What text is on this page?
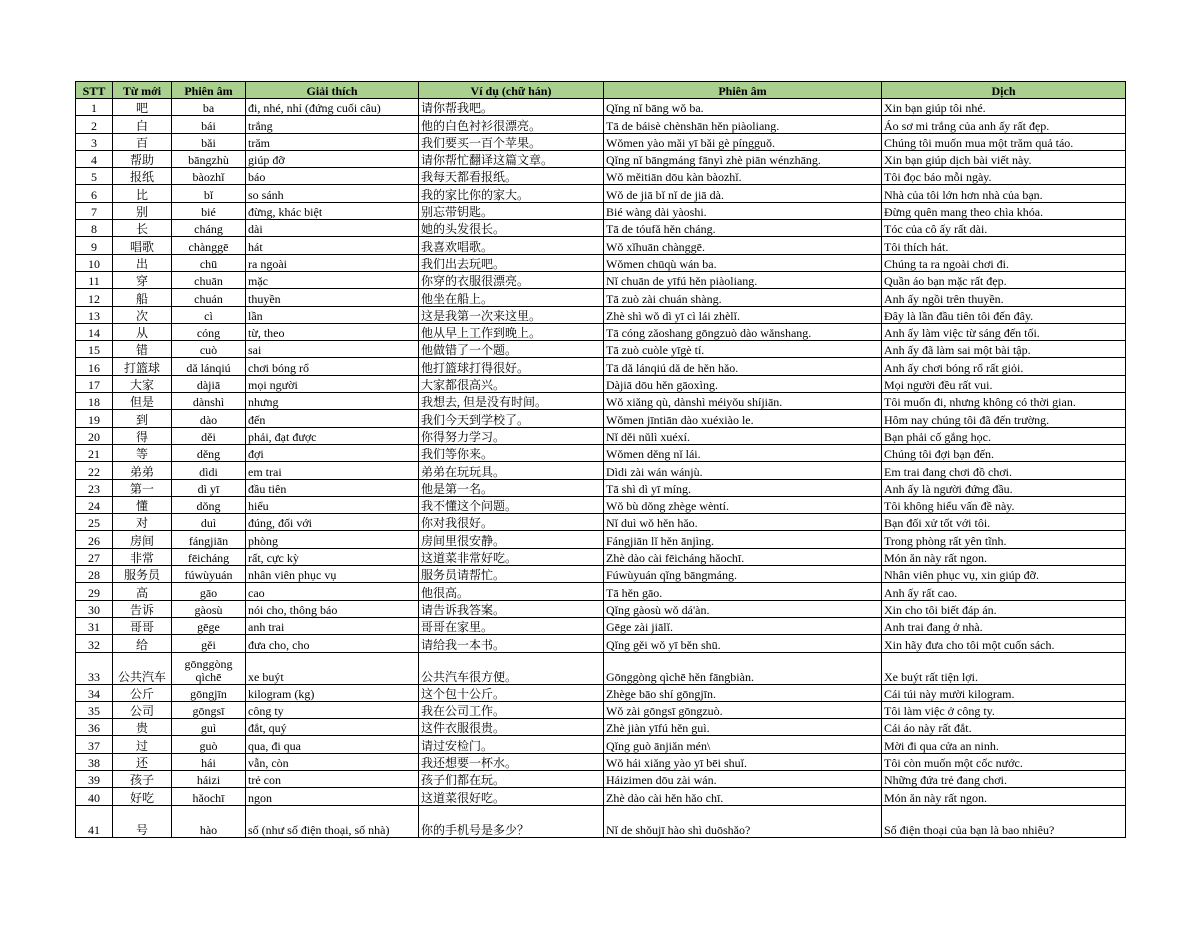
STT	Từ mới	Phiên âm	Giải thích	Ví dụ (chữ hán)	Phiên âm	Dịch
1	吧	ba	đi, nhé, nhỉ (đứng cuối câu)	请你帮我吧。	Qǐng nǐ bāng wǒ ba.	Xin bạn giúp tôi nhé.
2	白	bái	trắng	他的白色衬衫很漂亮。	Tā de báisè chènshān hěn piàoliang.	Áo sơ mi trắng của anh ấy rất đẹp.
3	百	bǎi	trăm	我们要买一百个苹果。	Wǒmen yào mǎi yī bǎi gè píngguǒ.	Chúng tôi muốn mua một trăm quả táo.
4	帮助	bāngzhù	giúp đỡ	请你帮忙翻译这篇文章。	Qǐng nǐ bāngmáng fānyì zhè piān wénzhāng.	Xin bạn giúp dịch bài viết này.
5	报纸	bàozhǐ	báo	我每天都看报纸。	Wǒ měitiān dōu kàn bàozhǐ.	Tôi đọc báo mỗi ngày.
6	比	bǐ	so sánh	我的家比你的家大。	Wǒ de jiā bǐ nǐ de jiā dà.	Nhà của tôi lớn hơn nhà của bạn.
7	别	bié	đừng, khác biệt	别忘带钥匙。	Bié wàng dài yàoshi.	Đừng quên mang theo chìa khóa.
8	长	cháng	dài	她的头发很长。	Tā de tóufǎ hěn cháng.	Tóc của cô ấy rất dài.
9	唱歌	chànggē	hát	我喜欢唱歌。	Wǒ xǐhuān chànggē.	Tôi thích hát.
10	出	chū	ra ngoài	我们出去玩吧。	Wǒmen chūqù wán ba.	Chúng ta ra ngoài chơi đi.
11	穿	chuān	mặc	你穿的衣服很漂亮。	Nǐ chuān de yīfú hěn piàoliang.	Quần áo bạn mặc rất đẹp.
12	船	chuán	thuyền	他坐在船上。	Tā zuò zài chuán shàng.	Anh ấy ngồi trên thuyền.
13	次	cì	lần	这是我第一次来这里。	Zhè shì wǒ dì yī cì lái zhèlǐ.	Đây là lần đầu tiên tôi đến đây.
14	从	cóng	từ, theo	他从早上工作到晚上。	Tā cóng zǎoshang gōngzuò dào wǎnshang.	Anh ấy làm việc từ sáng đến tối.
15	错	cuò	sai	他做错了一个题。	Tā zuò cuòle yīgè tí.	Anh ấy đã làm sai một bài tập.
16	打篮球	dǎ lánqiú	chơi bóng rổ	他打篮球打得很好。	Tā dǎ lánqiú dǎ de hěn hǎo.	Anh ấy chơi bóng rổ rất giỏi.
17	大家	dàjiā	mọi người	大家都很高兴。	Dàjiā dōu hěn gāoxìng.	Mọi người đều rất vui.
18	但是	dànshì	nhưng	我想去, 但是没有时间。	Wǒ xiǎng qù, dànshì méiyǒu shíjiān.	Tôi muốn đi, nhưng không có thời gian.
19	到	dào	đến	我们今天到学校了。	Wǒmen jīntiān dào xuéxiào le.	Hôm nay chúng tôi đã đến trường.
20	得	děi	phải, đạt được	你得努力学习。	Nǐ děi nǔlì xuéxí.	Bạn phải cố gắng học.
21	等	děng	đợi	我们等你来。	Wǒmen děng nǐ lái.	Chúng tôi đợi bạn đến.
22	弟弟	dìdi	em trai	弟弟在玩玩具。	Dìdi zài wán wánjù.	Em trai đang chơi đồ chơi.
23	第一	dì yī	đầu tiên	他是第一名。	Tā shì dì yī míng.	Anh ấy là người đứng đầu.
24	懂	dǒng	hiểu	我不懂这个问题。	Wǒ bù dǒng zhège wèntí.	Tôi không hiểu vấn đề này.
25	对	duì	đúng, đối với	你对我很好。	Nǐ duì wǒ hěn hǎo.	Bạn đối xử tốt với tôi.
26	房间	fángjiān	phòng	房间里很安静。	Fángjiān lǐ hěn ānjìng.	Trong phòng rất yên tĩnh.
27	非常	fēicháng	rất, cực kỳ	这道菜非常好吃。	Zhè dào cài fēicháng hǎochī.	Món ăn này rất ngon.
28	服务员	fúwùyuán	nhân viên phục vụ	服务员请帮忙。	Fúwùyuán qǐng bāngmáng.	Nhân viên phục vụ, xin giúp đỡ.
29	高	gāo	cao	他很高。	Tā hěn gāo.	Anh ấy rất cao.
30	告诉	gàosù	nói cho, thông báo	请告诉我答案。	Qǐng gàosù wǒ dá'àn.	Xin cho tôi biết đáp án.
31	哥哥	gēge	anh trai	哥哥在家里。	Gēge zài jiālǐ.	Anh trai đang ở nhà.
32	给	gěi	đưa cho, cho	请给我一本书。	Qǐng gěi wǒ yī běn shū.	Xin hãy đưa cho tôi một cuốn sách.
33	公共汽车	gōnggòng qìchē	xe buýt	公共汽车很方便。	Gōnggòng qìchē hěn fāngbiàn.	Xe buýt rất tiện lợi.
34	公斤	gōngjīn	kilogram (kg)	这个包十公斤。	Zhège bāo shí gōngjīn.	Cái túi này mười kilogram.
35	公司	gōngsī	công ty	我在公司工作。	Wǒ zài gōngsī gōngzuò.	Tôi làm việc ở công ty.
36	贵	guì	đắt, quý	这件衣服很贵。	Zhè jiàn yīfú hěn guì.	Cái áo này rất đắt.
37	过	guò	qua, đi qua	请过安检门。	Qǐng guò ānjiǎn mén\	Mời đi qua cửa an ninh.
38	还	hái	vẫn, còn	我还想要一杯水。	Wǒ hái xiǎng yào yī bēi shuǐ.	Tôi còn muốn một cốc nước.
39	孩子	háizi	trẻ con	孩子们都在玩。	Háizimen dōu zài wán.	Những đứa trẻ đang chơi.
40	好吃	hǎochī	ngon	这道菜很好吃。	Zhè dào cài hěn hǎo chī.	Món ăn này rất ngon.
41	号	hào	số (như số điện thoại, số nhà)	你的手机号是多少？	Nǐ de shǒujī hào shì duōshǎo?	Số điện thoại của bạn là bao nhiêu?
